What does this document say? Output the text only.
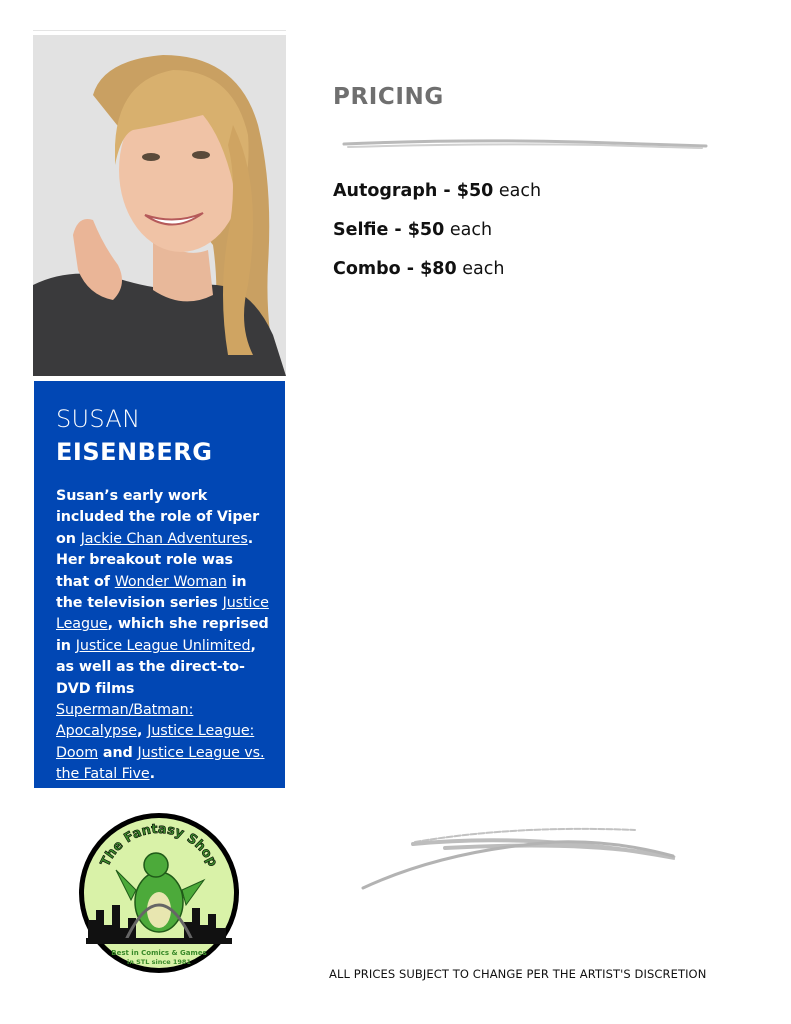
SUSAN
EISENBERG
Susan’s early work included the role of Viper on Jackie Chan Adventures. Her breakout role was that of Wonder Woman in the television series Justice League, which she reprised in Justice League Unlimited, as well as the direct-to-DVD films Superman/Batman: Apocalypse, Justice League: Doom and Justice League vs. the Fatal Five.
PRICING
Autograph - $50 each
Selfie - $50 each
Combo - $80 each
The Fantasy Shop
Best in Comics & Games
in STL since 1981
ALL PRICES SUBJECT TO CHANGE PER THE ARTIST'S DISCRETION
